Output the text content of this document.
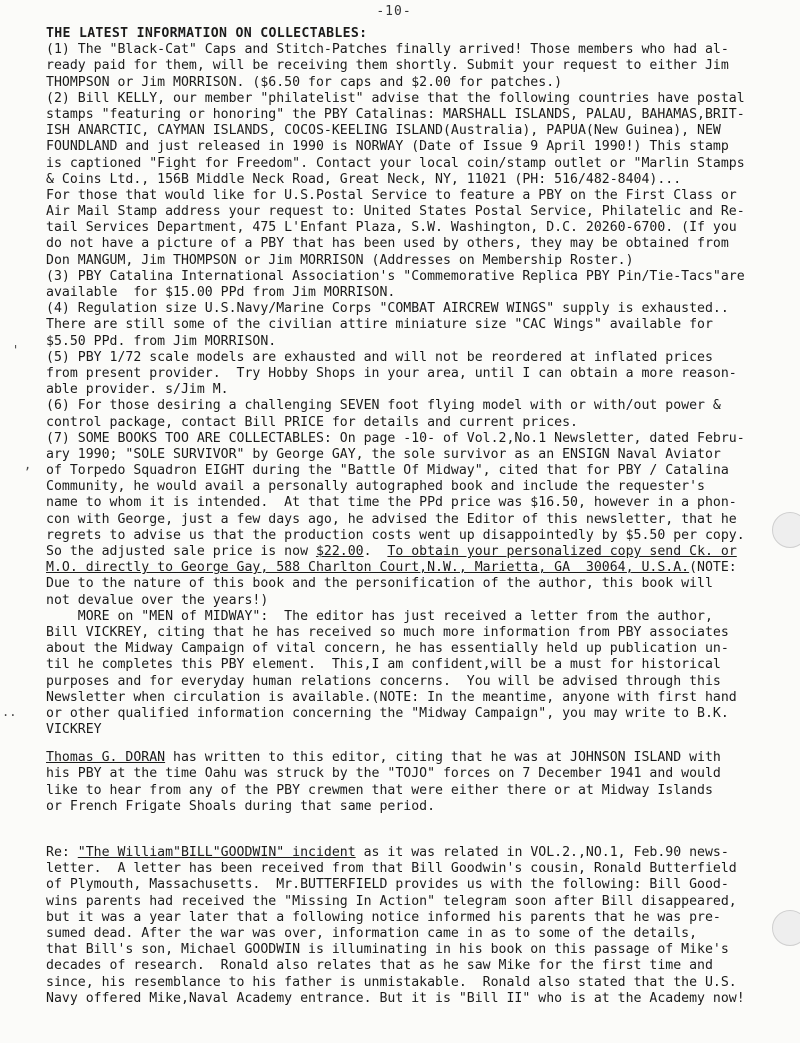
-10-
'
,
..
THE LATEST INFORMATION ON COLLECTABLES:
(1) The "Black-Cat" Caps and Stitch-Patches finally arrived! Those members who had al-
ready paid for them, will be receiving them shortly. Submit your request to either Jim
THOMPSON or Jim MORRISON. ($6.50 for caps and $2.00 for patches.)
(2) Bill KELLY, our member "philatelist" advise that the following countries have postal
stamps "featuring or honoring" the PBY Catalinas: MARSHALL ISLANDS, PALAU, BAHAMAS,BRIT-
ISH ANARCTIC, CAYMAN ISLANDS, COCOS-KEELING ISLAND(Australia), PAPUA(New Guinea), NEW
FOUNDLAND and just released in 1990 is NORWAY (Date of Issue 9 April 1990!) This stamp
is captioned "Fight for Freedom". Contact your local coin/stamp outlet or "Marlin Stamps
& Coins Ltd., 156B Middle Neck Road, Great Neck, NY, 11021 (PH: 516/482-8404)...
For those that would like for U.S.Postal Service to feature a PBY on the First Class or
Air Mail Stamp address your request to: United States Postal Service, Philatelic and Re-
tail Services Department, 475 L'Enfant Plaza, S.W. Washington, D.C. 20260-6700. (If you
do not have a picture of a PBY that has been used by others, they may be obtained from
Don MANGUM, Jim THOMPSON or Jim MORRISON (Addresses on Membership Roster.)
(3) PBY Catalina International Association's "Commemorative Replica PBY Pin/Tie-Tacs"are
available  for $15.00 PPd from Jim MORRISON.
(4) Regulation size U.S.Navy/Marine Corps "COMBAT AIRCREW WINGS" supply is exhausted..
There are still some of the civilian attire miniature size "CAC Wings" available for
$5.50 PPd. from Jim MORRISON.
(5) PBY 1/72 scale models are exhausted and will not be reordered at inflated prices
from present provider.  Try Hobby Shops in your area, until I can obtain a more reason-
able provider. s/Jim M.
(6) For those desiring a challenging SEVEN foot flying model with or with/out power &
control package, contact Bill PRICE for details and current prices.
(7) SOME BOOKS TOO ARE COLLECTABLES: On page -10- of Vol.2,No.1 Newsletter, dated Febru-
ary 1990; "SOLE SURVIVOR" by George GAY, the sole survivor as an ENSIGN Naval Aviator
of Torpedo Squadron EIGHT during the "Battle Of Midway", cited that for PBY / Catalina
Community, he would avail a personally autographed book and include the requester's
name to whom it is intended.  At that time the PPd price was $16.50, however in a phon-
con with George, just a few days ago, he advised the Editor of this newsletter, that he
regrets to advise us that the production costs went up disappointedly by $5.50 per copy.
So the adjusted sale price is now $22.00.  To obtain your personalized copy send Ck. or
M.O. directly to George Gay, 588 Charlton Court,N.W., Marietta, GA  30064, U.S.A.(NOTE:
Due to the nature of this book and the personification of the author, this book will
not devalue over the years!)
MORE on "MEN of MIDWAY":  The editor has just received a letter from the author,
Bill VICKREY, citing that he has received so much more information from PBY associates
about the Midway Campaign of vital concern, he has essentially held up publication un-
til he completes this PBY element.  This,I am confident,will be a must for historical
purposes and for everyday human relations concerns.  You will be advised through this
Newsletter when circulation is available.(NOTE: In the meantime, anyone with first hand
or other qualified information concerning the "Midway Campaign", you may write to B.K.
VICKREY
Thomas G. DORAN has written to this editor, citing that he was at JOHNSON ISLAND with
his PBY at the time Oahu was struck by the "TOJO" forces on 7 December 1941 and would
like to hear from any of the PBY crewmen that were either there or at Midway Islands
or French Frigate Shoals during that same period.
Re: "The William"BILL"GOODWIN" incident as it was related in VOL.2.,NO.1, Feb.90 news-
letter.  A letter has been received from that Bill Goodwin's cousin, Ronald Butterfield
of Plymouth, Massachusetts.  Mr.BUTTERFIELD provides us with the following: Bill Good-
wins parents had received the "Missing In Action" telegram soon after Bill disappeared,
but it was a year later that a following notice informed his parents that he was pre-
sumed dead. After the war was over, information came in as to some of the details,
that Bill's son, Michael GOODWIN is illuminating in his book on this passage of Mike's
decades of research.  Ronald also relates that as he saw Mike for the first time and
since, his resemblance to his father is unmistakable.  Ronald also stated that the U.S.
Navy offered Mike,Naval Academy entrance. But it is "Bill II" who is at the Academy now!
